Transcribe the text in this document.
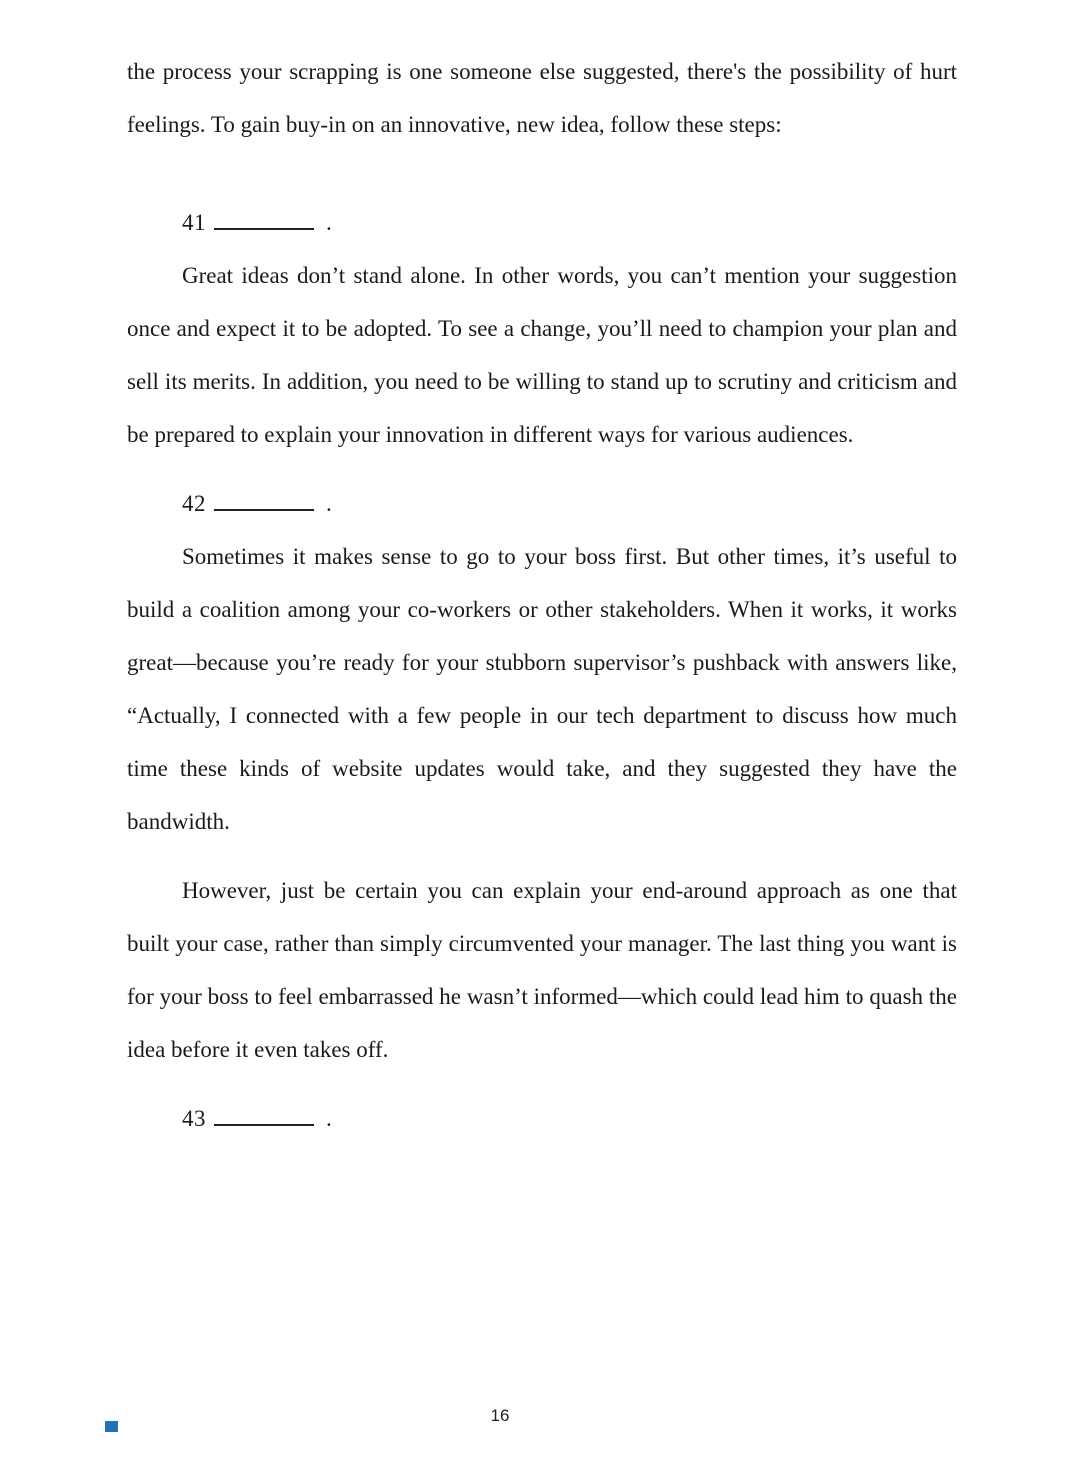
the process your scrapping is one someone else suggested, there's the possibility of hurt feelings. To gain buy-in on an innovative, new idea, follow these steps:

41	.

Great ideas don’t stand alone. In other words, you can’t mention your suggestion once and expect it to be adopted. To see a change, you’ll need to champion your plan and sell its merits. In addition, you need to be willing to stand up to scrutiny and criticism and be prepared to explain your innovation in different ways for various audiences.

42	.

Sometimes it makes sense to go to your boss first. But other times, it’s useful to build a coalition among your co-workers or other stakeholders. When it works, it works great—because you’re ready for your stubborn supervisor’s pushback with answers like, “Actually, I connected with a few people in our tech department to discuss how much time these kinds of website updates would take, and they suggested they have the bandwidth.

However, just be certain you can explain your end-around approach as one that built your case, rather than simply circumvented your manager. The last thing you want is for your boss to feel embarrassed he wasn’t informed—which could lead him to quash the idea before it even takes off.

43	.

16
